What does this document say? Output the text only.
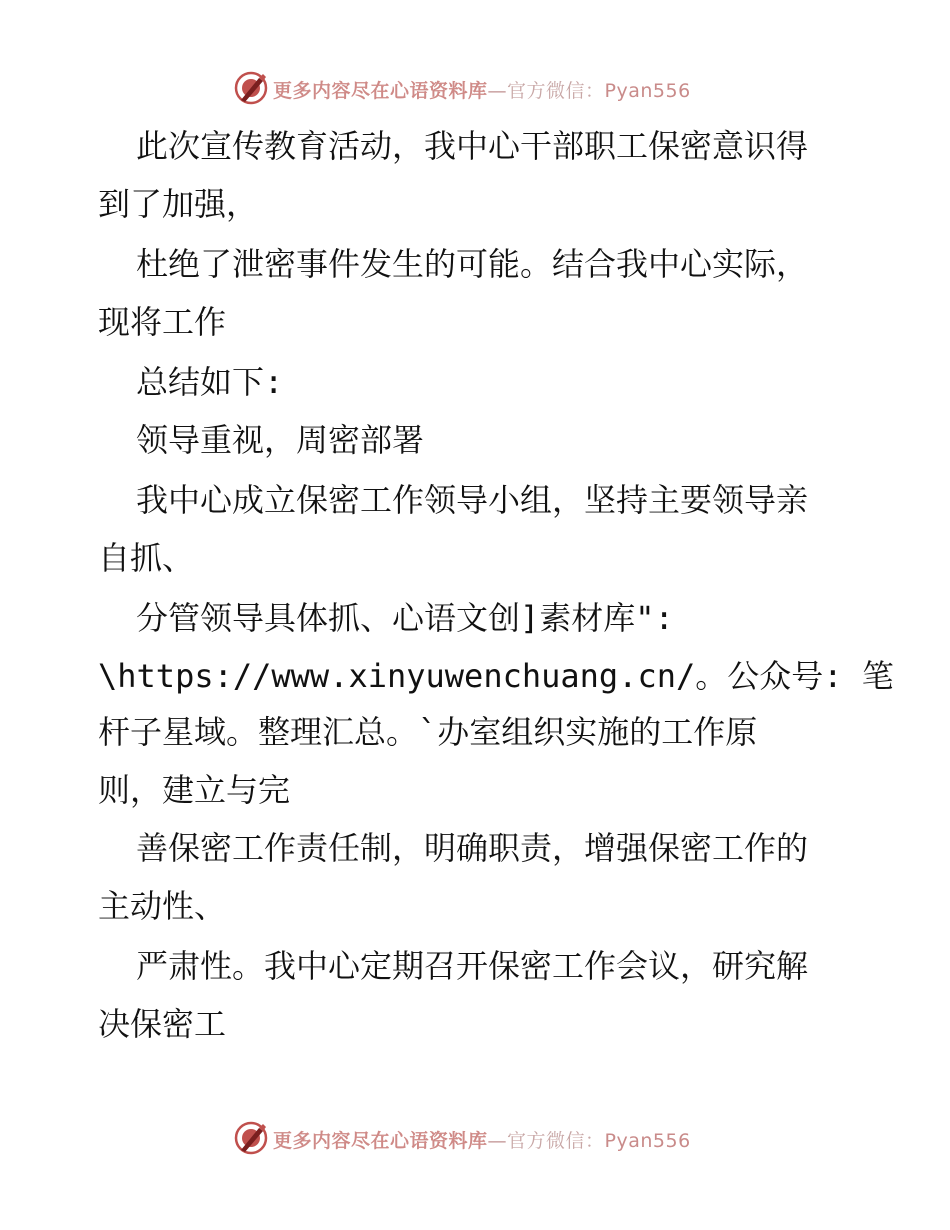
更多内容尽在心语资料库—官方微信：Pyan556
此次宣传教育活动，我中心干部职工保密意识得
到了加强，
杜绝了泄密事件发生的可能。结合我中心实际，
现将工作
总结如下:
领导重视，周密部署
我中心成立保密工作领导小组，坚持主要领导亲
自抓、
分管领导具体抓、心语文创]素材库":
\https://www.xinyuwenchuang.cn/。公众号: 笔
杆子星域。整理汇总。`办室组织实施的工作原
则，建立与完
善保密工作责任制，明确职责，增强保密工作的
主动性、
严肃性。我中心定期召开保密工作会议，研究解
决保密工
更多内容尽在心语资料库—官方微信：Pyan556
